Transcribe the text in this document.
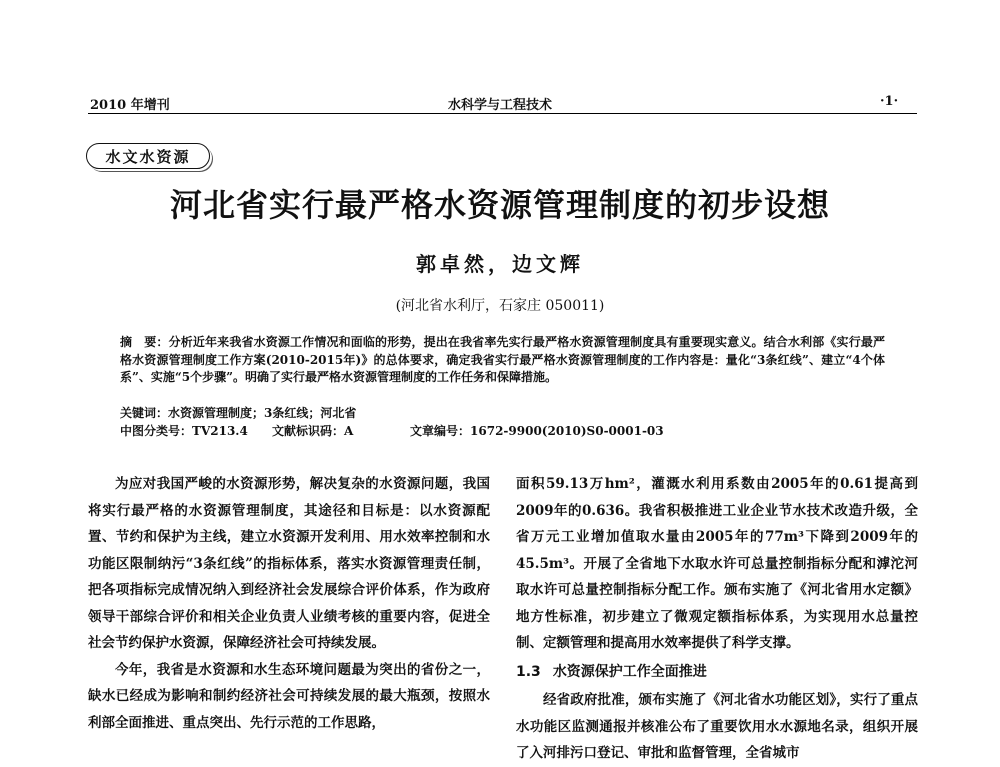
2010 年增刊	水科学与工程技术	·1·
水文水资源
河北省实行最严格水资源管理制度的初步设想
郭卓然，边文辉
(河北省水利厅，石家庄 050011)
摘　要：分析近年来我省水资源工作情况和面临的形势，提出在我省率先实行最严格水资源管理制度具有重要现实意义。结合水利部《实行最严格水资源管理制度工作方案(2010-2015年)》的总体要求，确定我省实行最严格水资源管理制度的工作内容是：量化“3条红线”、建立“4个体系”、实施“5个步骤”。明确了实行最严格水资源管理制度的工作任务和保障措施。
关键词：水资源管理制度；3条红线；河北省
中图分类号：TV213.4 文献标识码：A	文章编号：1672-9900(2010)S0-0001-03

为应对我国严峻的水资源形势，解决复杂的水资源问题，我国将实行最严格的水资源管理制度，其途径和目标是：以水资源配置、节约和保护为主线，建立水资源开发利用、用水效率控制和水功能区限制纳污“3条红线”的指标体系，落实水资源管理责任制，把各项指标完成情况纳入到经济社会发展综合评价体系，作为政府领导干部综合评价和相关企业负责人业绩考核的重要内容，促进全社会节约保护水资源，保障经济社会可持续发展。

今年，我省是水资源和水生态环境问题最为突出的省份之一，缺水已经成为影响和制约经济社会可持续发展的最大瓶颈，按照水利部全面推进、重点突出、先行示范的工作思路，

面积59.13万hm²，灌溉水利用系数由2005年的0.61提高到2009年的0.636。我省积极推进工业企业节水技术改造升级，全省万元工业增加值取水量由2005年的77m³下降到2009年的45.5m³。开展了全省地下水取水许可总量控制指标分配和滹沱河取水许可总量控制指标分配工作。颁布实施了《河北省用水定额》地方性标准，初步建立了微观定额指标体系，为实现用水总量控制、定额管理和提高用水效率提供了科学支撑。

1.3 水资源保护工作全面推进

经省政府批准，颁布实施了《河北省水功能区划》，实行了重点水功能区监测通报并核准公布了重要饮用水水源地名录，组织开展了入河排污口登记、审批和监督管理，全省城市
